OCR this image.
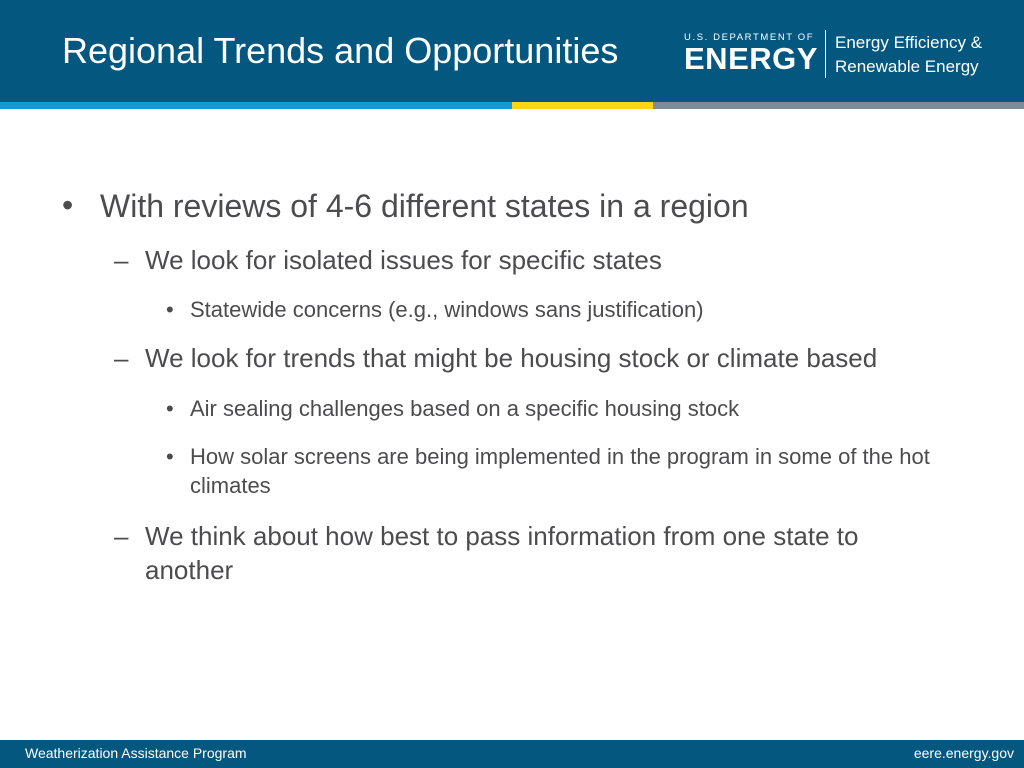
Regional Trends and Opportunities	U.S. DEPARTMENT OF
ENERGY Energy Efficiency &
Renewable Energy
• With reviews of 4-6 different states in a region
– We look for isolated issues for specific states
• Statewide concerns (e.g., windows sans justification)
– We look for trends that might be housing stock or climate based
• Air sealing challenges based on a specific housing stock
• How solar screens are being implemented in the program in some of the hot climates
– We think about how best to pass information from one state to another
Weatherization Assistance Program	eere.energy.gov
